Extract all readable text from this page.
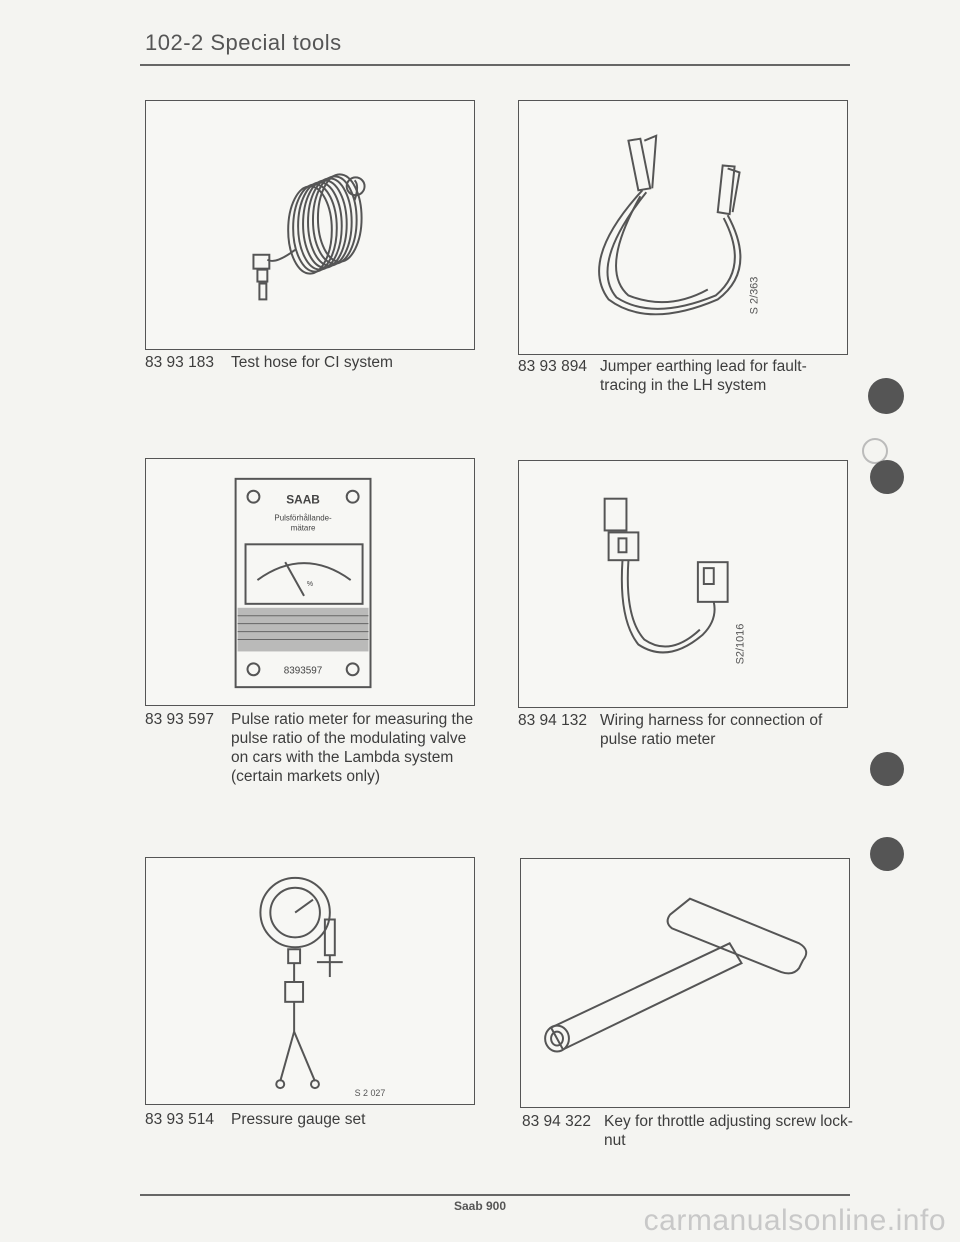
102-2 Special tools
83 93 183 Test hose for CI system
S 2/363
83 93 894 Jumper earthing lead for fault-tracing in the LH system
SAAB
Pulsförhållande-
mätare
%
8393597
83 93 597 Pulse ratio meter for measuring the pulse ratio of the modulating valve on cars with the Lambda system (certain markets only)
S2/1016
83 94 132 Wiring harness for connection of pulse ratio meter
S 2 027
83 93 514 Pressure gauge set	83 94 322 Key for throttle adjusting screw lock-nut
Saab 900	carmanualsonline.info
